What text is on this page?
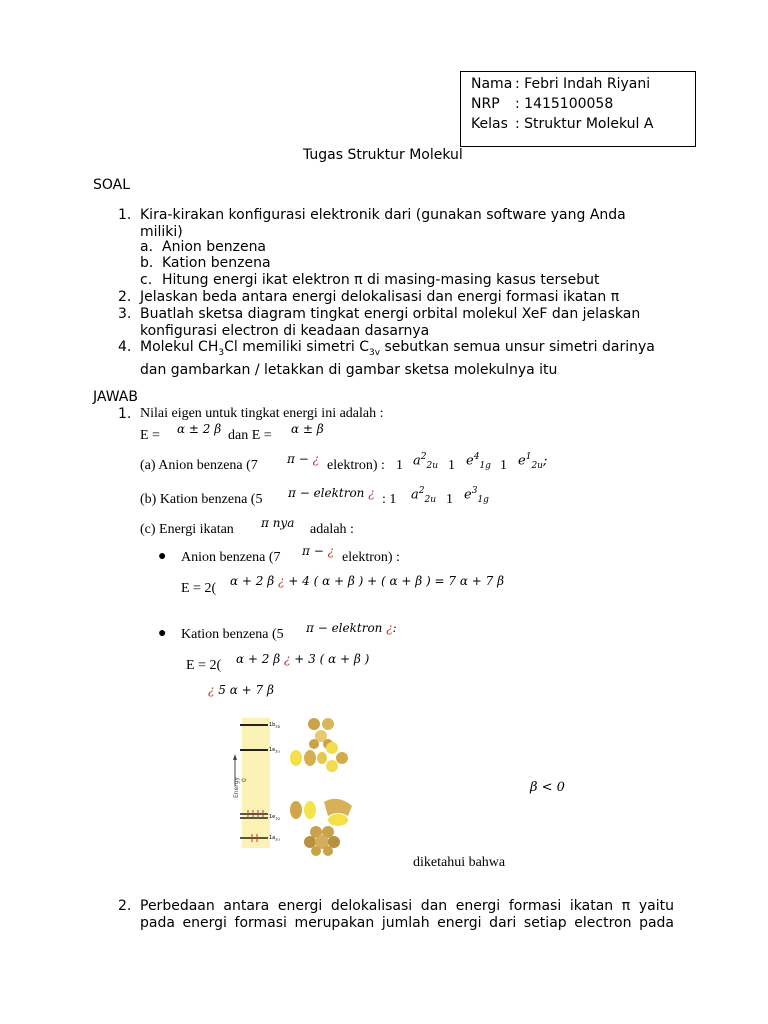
Nama : Febri Indah Riyani
NRP	: 1415100058
Kelas : Struktur Molekul A
Tugas Struktur Molekul
SOAL
1. Kira-kirakan konfigurasi elektronik dari (gunakan software yang Anda miliki)
a. Anion benzena
b. Kation benzena
c. Hitung energi ikat elektron π di masing-masing kasus tersebut
2. Jelaskan beda antara energi delokalisasi dan energi formasi ikatan π
3. Buatlah sketsa diagram tingkat energi orbital molekul XeF dan jelaskan konfigurasi electron di keadaan dasarnya
4. Molekul $CH_3Cl$ memiliki simetri $C_{3v}$ sebutkan semua unsur simetri darinya dan gambarkan / letakkan di gambar sketsa molekulnya itu
JAWAB
1. Nilai eigen untuk tingkat energi ini adalah :
E = α ± 2 β dan E = α ± β
(a) Anion benzena (7 π − ¿ elektron) : 1 $a^2_{2u}$ 1 $e^4_{1g}$ 1 $e^1_{2u}$;
(b) Kation benzena (5 π − elektron ¿ : 1 $a^2_{2u}$ 1 $e^3_{1g}$
(c) Energi ikatan π nya adalah :
● Anion benzena (7 π − ¿ elektron) :
E = 2( α + 2 β ¿ + 4 ( α + β ) + ( α + β ) = 7 α + 7 β
● Kation benzena (5 π − elektron ¿:
E = 2( α + 2 β ¿ + 3 ( α + β )
¿ 5 α + 7 β
Energy 0
$1b_{2g}$
$1e_{2u}$
$1e_{1g}$
$1a_{2u}$
β < 0
diketahui bahwa
2. Perbedaan antara energi delokalisasi dan energi formasi ikatan π yaitu
pada energi formasi merupakan jumlah energi dari setiap electron pada
